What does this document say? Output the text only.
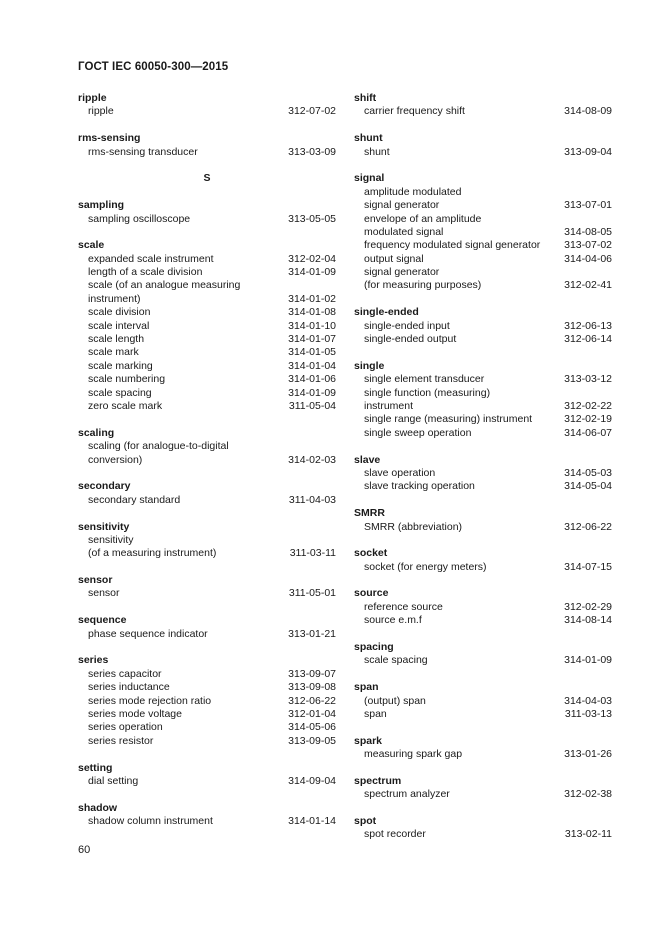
ГОСТ IEC 60050-300—2015
ripple
ripple	312-07-02
rms-sensing
rms-sensing transducer	313-03-09
S
sampling
sampling oscilloscope	313-05-05
scale
expanded scale instrument	312-02-04
length of a scale division	314-01-09
scale (of an analogue measuring
instrument)	314-01-02
scale division	314-01-08
scale interval	314-01-10
scale length	314-01-07
scale mark	314-01-05
scale marking	314-01-04
scale numbering	314-01-06
scale spacing	314-01-09
zero scale mark	311-05-04
scaling
scaling (for analogue-to-digital
conversion)	314-02-03
secondary
secondary standard	311-04-03
sensitivity
sensitivity
(of a measuring instrument)	311-03-11
sensor
sensor	311-05-01
sequence
phase sequence indicator	313-01-21
series
series capacitor	313-09-07
series inductance	313-09-08
series mode rejection ratio	312-06-22
series mode voltage	312-01-04
series operation	314-05-06
series resistor	313-09-05
setting
dial setting	314-09-04
shadow
shadow column instrument	314-01-14
shift
carrier frequency shift	314-08-09
shunt
shunt	313-09-04
signal
amplitude modulated
signal generator	313-07-01
envelope of an amplitude
modulated signal	314-08-05
frequency modulated signal generator 313-07-02
output signal	314-04-06
signal generator
(for measuring purposes)	312-02-41
single-ended
single-ended input	312-06-13
single-ended output	312-06-14
single
single element transducer	313-03-12
single function (measuring)
instrument	312-02-22
single range (measuring) instrument	312-02-19
single sweep operation	314-06-07
slave
slave operation	314-05-03
slave tracking operation	314-05-04
SMRR
SMRR (abbreviation)	312-06-22
socket
socket (for energy meters)	314-07-15
source
reference source	312-02-29
source e.m.f	314-08-14
spacing
scale spacing	314-01-09
span
(output) span	314-04-03
span	311-03-13
spark
measuring spark gap	313-01-26
spectrum
spectrum analyzer	312-02-38
spot
spot recorder	313-02-11
60
